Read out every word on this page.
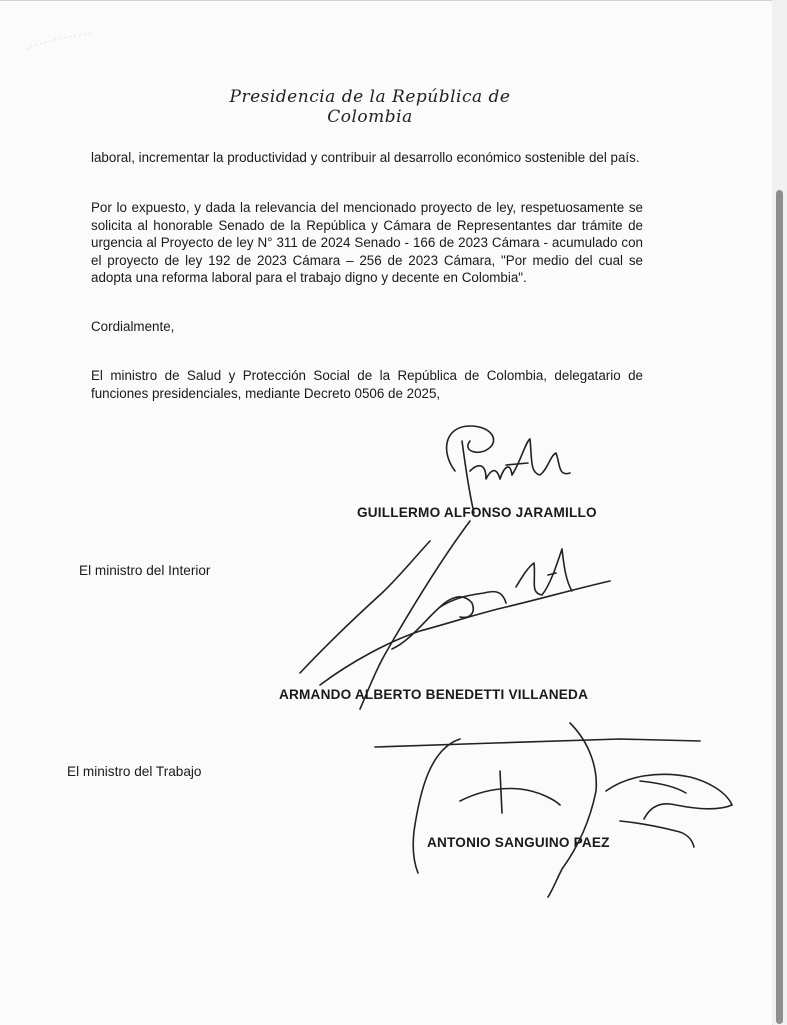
Presidencia de la República de Colombia
laboral, incrementar la productividad y contribuir al desarrollo económico sostenible del país.
Por lo expuesto, y dada la relevancia del mencionado proyecto de ley, respetuosamente se solicita al honorable Senado de la República y Cámara de Representantes dar trámite de urgencia al Proyecto de ley N° 311 de 2024 Senado - 166 de 2023 Cámara - acumulado con el proyecto de ley 192 de 2023 Cámara – 256 de 2023 Cámara, "Por medio del cual se adopta una reforma laboral para el trabajo digno y decente en Colombia".
Cordialmente,
El ministro de Salud y Protección Social de la República de Colombia, delegatario de funciones presidenciales, mediante Decreto 0506 de 2025,
GUILLERMO ALFONSO JARAMILLO
El ministro del Interior
ARMANDO ALBERTO BENEDETTI VILLANEDA
El ministro del Trabajo
ANTONIO SANGUINO PAEZ
